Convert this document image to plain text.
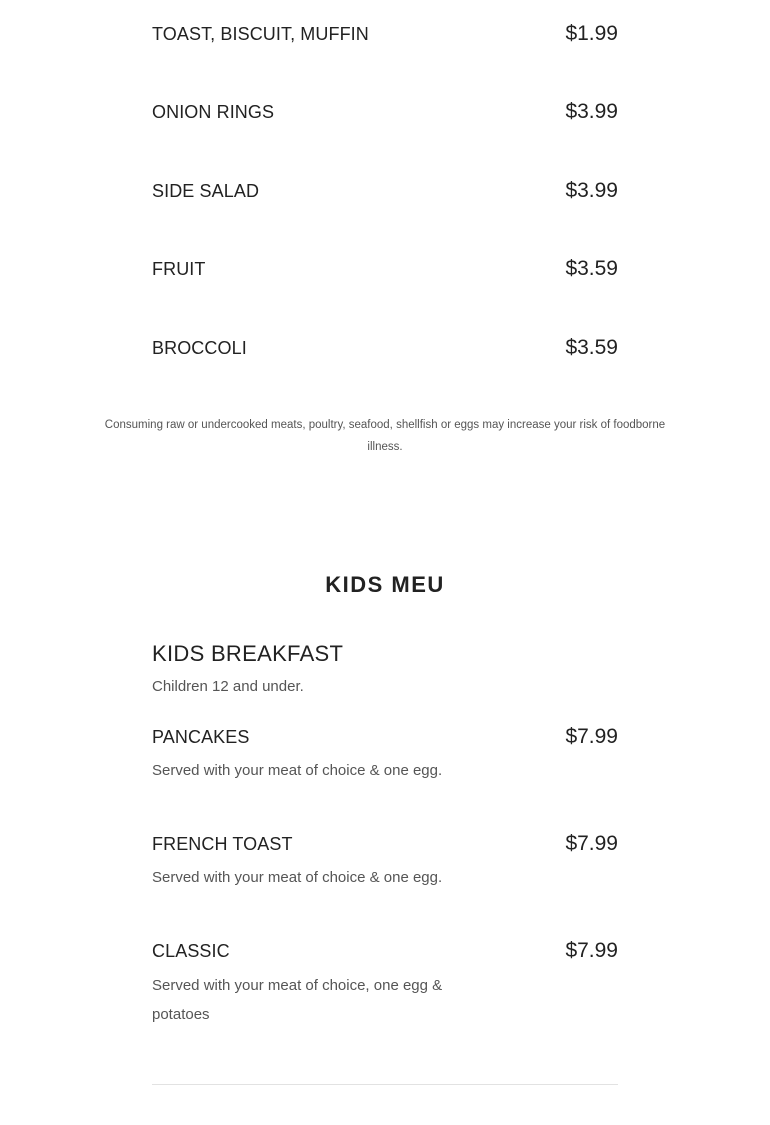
TOAST, BISCUIT, MUFFIN	$1.99
ONION RINGS	$3.99
SIDE SALAD	$3.99
FRUIT	$3.59
BROCCOLI	$3.59
Consuming raw or undercooked meats, poultry, seafood, shellfish or eggs may increase your risk of foodborne illness.
KIDS MEU
KIDS BREAKFAST
Children 12 and under.
PANCAKES	$7.99
Served with your meat of choice & one egg.
FRENCH TOAST	$7.99
Served with your meat of choice & one egg.
CLASSIC	$7.99
Served with your meat of choice, one egg & potatoes
